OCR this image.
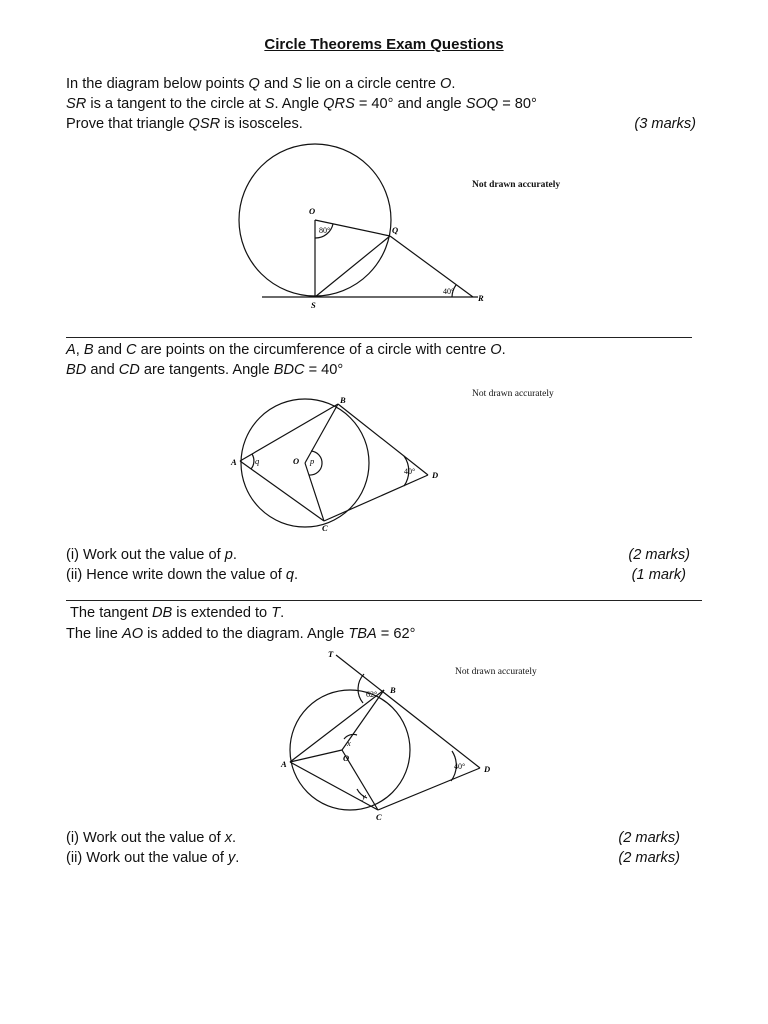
Circle Theorems Exam Questions
In the diagram below points Q and S lie on a circle centre O.
SR is a tangent to the circle at S. Angle QRS = 40° and angle SOQ = 80°
Prove that triangle QSR is isosceles.	(3 marks)
O
Q
S
R
80°
40°
Not drawn accurately
A, B and C are points on the circumference of a circle with centre O.
BD and CD are tangents. Angle BDC = 40°
B
A	O
C
D
q	p
40°
Not drawn accurately
(i) Work out the value of p.	(2 marks)
(ii) Hence write down the value of q.	(1 mark)
The tangent DB is extended to T.
The line AO is added to the diagram. Angle TBA = 62°
T
B
A
O
C
D
62°
x
y
40°
Not drawn accurately
(i) Work out the value of x.	(2 marks)
(ii) Work out the value of y.	(2 marks)
